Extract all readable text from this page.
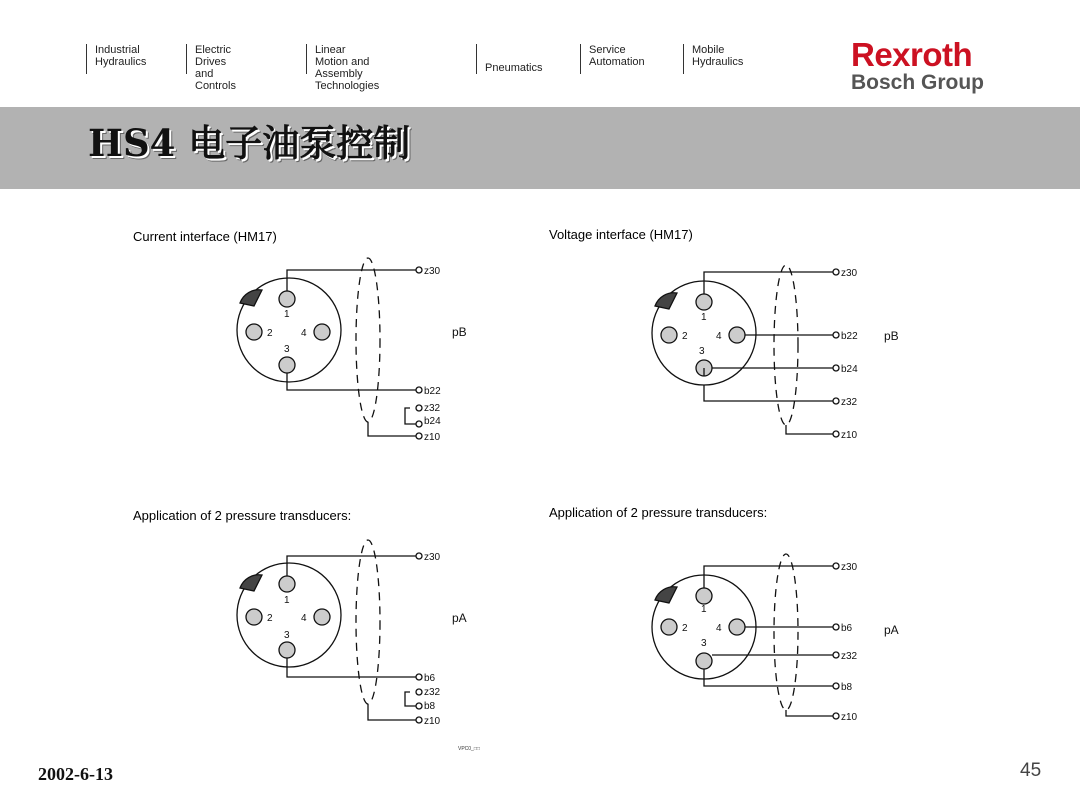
Industrial
Hydraulics
Electric Drives
and Controls
Linear Motion and
Assembly Technologies
Pneumatics
Service
Automation
Mobile
Hydraulics	Rexroth
Bosch Group
HS4 电子油泵控制
Current interface (HM17)	Voltage interface (HM17)
Application of 2 pressure transducers:	Application of 2 pressure transducers:
2
1
4
3
z30
b22
z32
b24
z10
pB
2
1
4
3
z30
b6
z32
b8
z10
pA
2
1
4
3
z30
b22
b24
z32
z10
pB
2
1
4
3
z30
b6
z32
b8
z10
pA
VPC0_□□
2002-6-13	45
